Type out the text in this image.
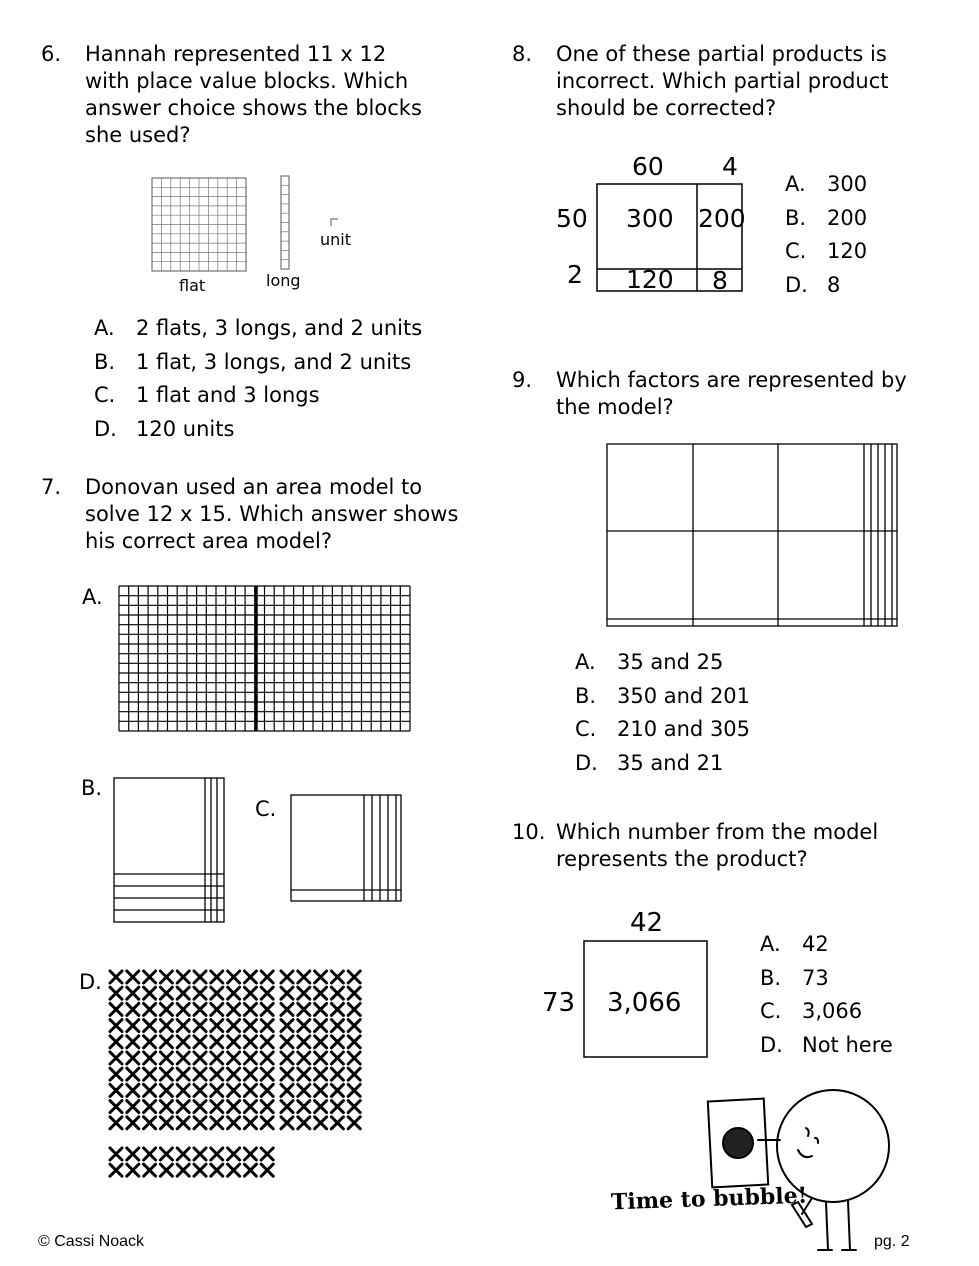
6. Hannah represented 11 x 12
with place value blocks. Which
answer choice shows the blocks
she used?
flat	long
unit
A. 2 flats, 3 longs, and 2 units
B. 1 flat, 3 longs, and 2 units
C. 1 flat and 3 longs
D. 120 units
7. Donovan used an area model to
solve 12 x 15. Which answer shows
his correct area model?
A.
B.
C.
D.
8. One of these partial products is
incorrect. Which partial product
should be corrected?
60 4
50
2
300 200
120 8
A. 300
B. 200
C. 120
D. 8
9. Which factors are represented by
the model?
A. 35 and 25
B. 350 and 201
C. 210 and 305
D. 35 and 21
10. Which number from the model
represents the product?
42
73 3,066
A. 42
B. 73
C. 3,066
D. Not here
Time to bubble!
© Cassi Noack	pg. 2
